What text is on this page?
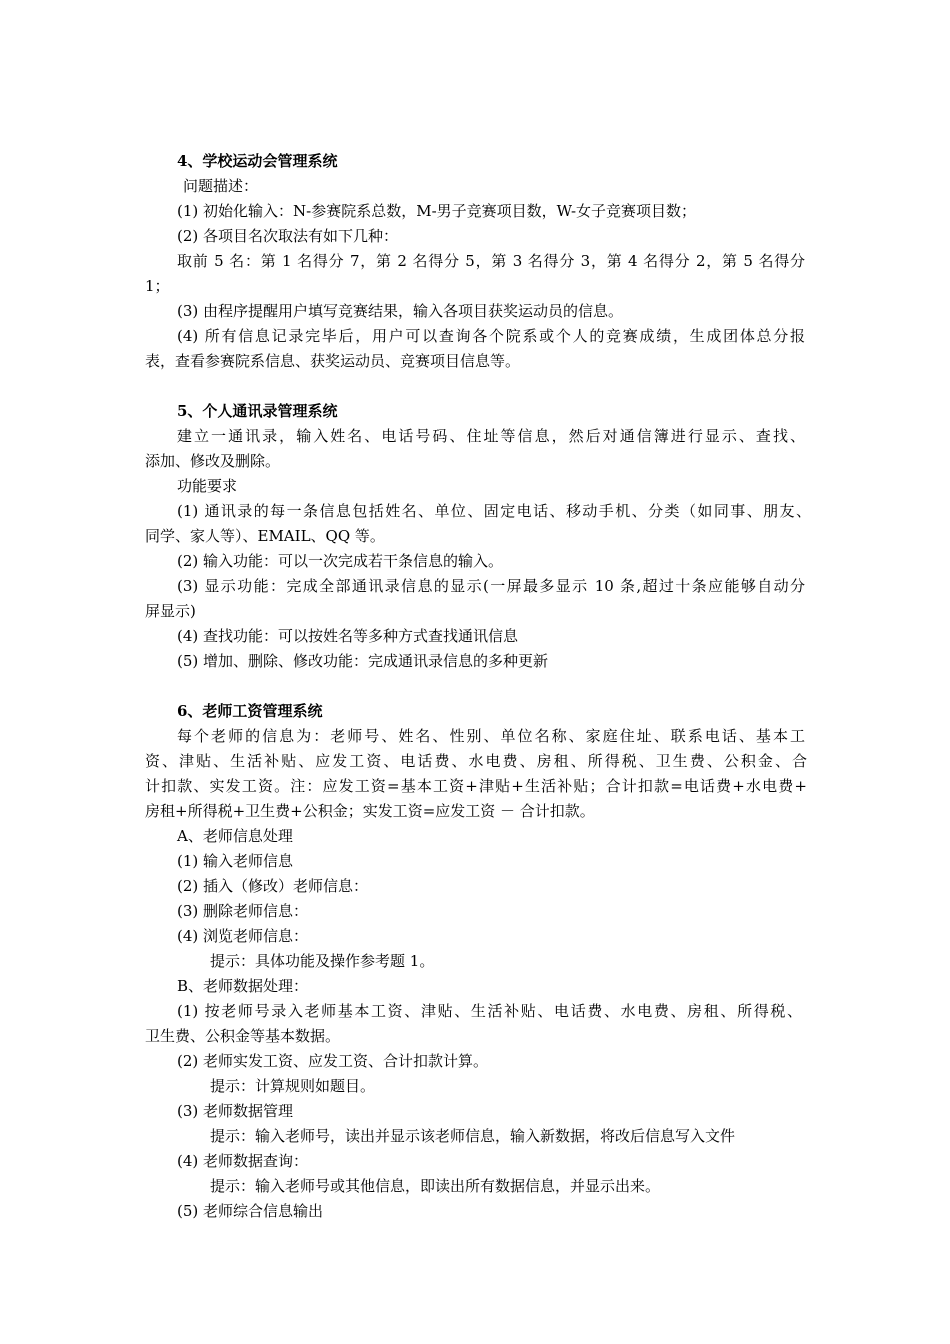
4、学校运动会管理系统
问题描述：
(1) 初始化输入：N-参赛院系总数，M-男子竞赛项目数，W-女子竞赛项目数；
(2) 各项目名次取法有如下几种：
取前 5 名：第 1 名得分 7，第 2 名得分 5，第 3 名得分 3，第 4 名得分 2，第 5 名得分
1；
(3) 由程序提醒用户填写竞赛结果，输入各项目获奖运动员的信息。
(4) 所有信息记录完毕后，用户可以查询各个院系或个人的竞赛成绩，生成团体总分报
表，查看参赛院系信息、获奖运动员、竞赛项目信息等。
5、个人通讯录管理系统
建立一通讯录，输入姓名、电话号码、住址等信息，然后对通信簿进行显示、查找、
添加、修改及删除。
功能要求
(1) 通讯录的每一条信息包括姓名、单位、固定电话、移动手机、分类（如同事、朋友、
同学、家人等）、EMAIL、QQ 等。
(2) 输入功能：可以一次完成若干条信息的输入。
(3) 显示功能：完成全部通讯录信息的显示(一屏最多显示 10 条,超过十条应能够自动分
屏显示)
(4) 查找功能：可以按姓名等多种方式查找通讯信息
(5) 增加、删除、修改功能：完成通讯录信息的多种更新
6、老师工资管理系统
每个老师的信息为：老师号、姓名、性别、单位名称、家庭住址、联系电话、基本工
资、津贴、生活补贴、应发工资、电话费、水电费、房租、所得税、卫生费、公积金、合
计扣款、实发工资。注：应发工资=基本工资+津贴+生活补贴；合计扣款=电话费+水电费+
房租+所得税+卫生费+公积金；实发工资=应发工资 － 合计扣款。
A、老师信息处理
(1) 输入老师信息
(2) 插入（修改）老师信息：
(3) 删除老师信息：
(4) 浏览老师信息：
提示：具体功能及操作参考题 1。
B、老师数据处理：
(1) 按老师号录入老师基本工资、津贴、生活补贴、电话费、水电费、房租、所得税、
卫生费、公积金等基本数据。
(2) 老师实发工资、应发工资、合计扣款计算。
提示：计算规则如题目。
(3) 老师数据管理
提示：输入老师号，读出并显示该老师信息，输入新数据，将改后信息写入文件
(4) 老师数据查询：
提示：输入老师号或其他信息，即读出所有数据信息，并显示出来。
(5) 老师综合信息输出
